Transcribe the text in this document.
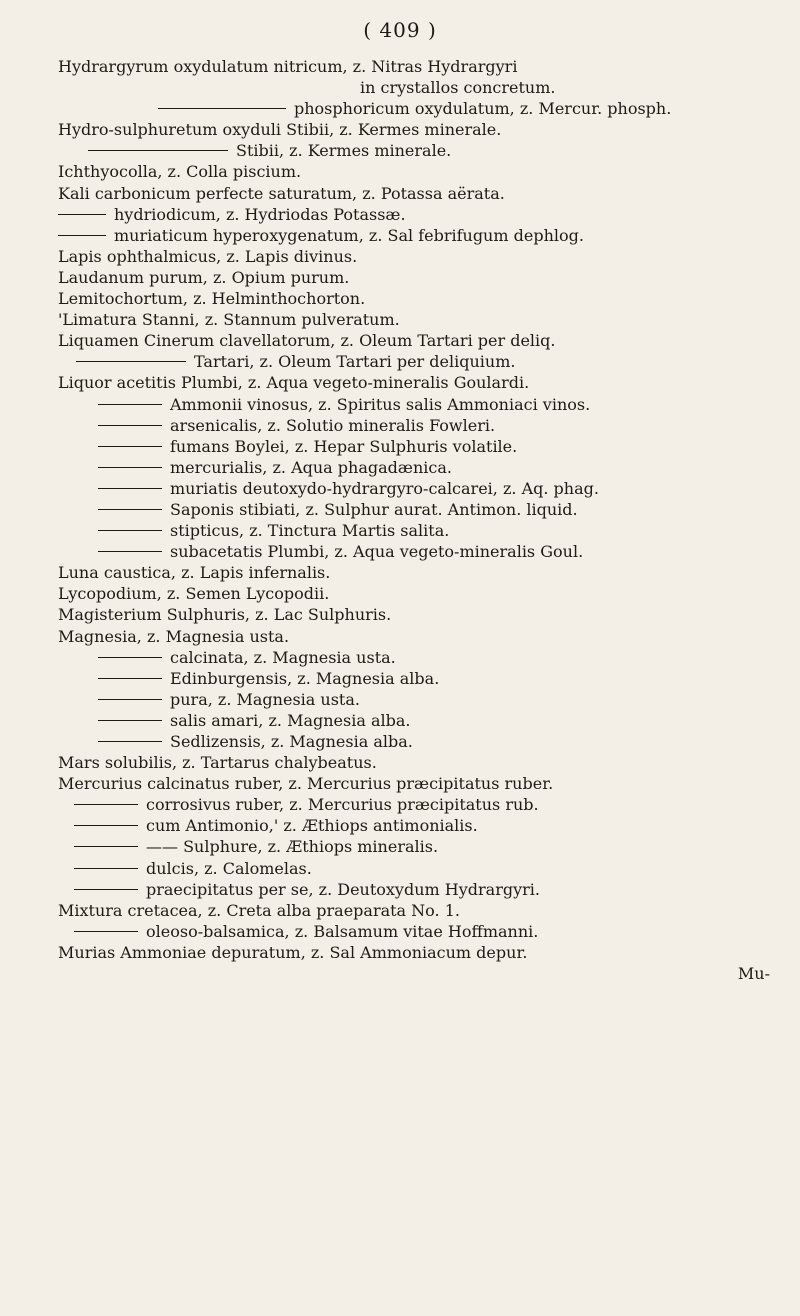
( 409 )
Hydrargyrum oxydulatum nitricum, z. Nitras Hydrargyri
in crystallos concretum.
phosphoricum oxydulatum, z. Mercur. phosph.
Hydro-sulphuretum oxyduli Stibii, z. Kermes minerale.
Stibii, z. Kermes minerale.
Ichthyocolla, z. Colla piscium.
Kali carbonicum perfecte saturatum, z. Potassa aërata.
hydriodicum, z. Hydriodas Potassæ.
muriaticum hyperoxygenatum, z. Sal febrifugum dephlog.
Lapis ophthalmicus, z. Lapis divinus.
Laudanum purum, z. Opium purum.
Lemitochortum, z. Helminthochorton.
'Limatura Stanni, z. Stannum pulveratum.
Liquamen Cinerum clavellatorum, z. Oleum Tartari per deliq.
Tartari, z. Oleum Tartari per deliquium.
Liquor acetitis Plumbi, z. Aqua vegeto-mineralis Goulardi.
Ammonii vinosus, z. Spiritus salis Ammoniaci vinos.
arsenicalis, z. Solutio mineralis Fowleri.
fumans Boylei, z. Hepar Sulphuris volatile.
mercurialis, z. Aqua phagadænica.
muriatis deutoxydo-hydrargyro-calcarei, z. Aq. phag.
Saponis stibiati, z. Sulphur aurat. Antimon. liquid.
stipticus, z. Tinctura Martis salita.
subacetatis Plumbi, z. Aqua vegeto-mineralis Goul.
Luna caustica, z. Lapis infernalis.
Lycopodium, z. Semen Lycopodii.
Magisterium Sulphuris, z. Lac Sulphuris.
Magnesia, z. Magnesia usta.
calcinata, z. Magnesia usta.
Edinburgensis, z. Magnesia alba.
pura, z. Magnesia usta.
salis amari, z. Magnesia alba.
Sedlizensis, z. Magnesia alba.
Mars solubilis, z. Tartarus chalybeatus.
Mercurius calcinatus ruber, z. Mercurius præcipitatus ruber.
corrosivus ruber, z. Mercurius præcipitatus rub.
cum Antimonio,' z. Æthiops antimonialis.
—— Sulphure, z. Æthiops mineralis.
dulcis, z. Calomelas.
praecipitatus per se, z. Deutoxydum Hydrargyri.
Mixtura cretacea, z. Creta alba praeparata No. 1.
oleoso-balsamica, z. Balsamum vitae Hoffmanni.
Murias Ammoniae depuratum, z. Sal Ammoniacum depur.
Mu-
